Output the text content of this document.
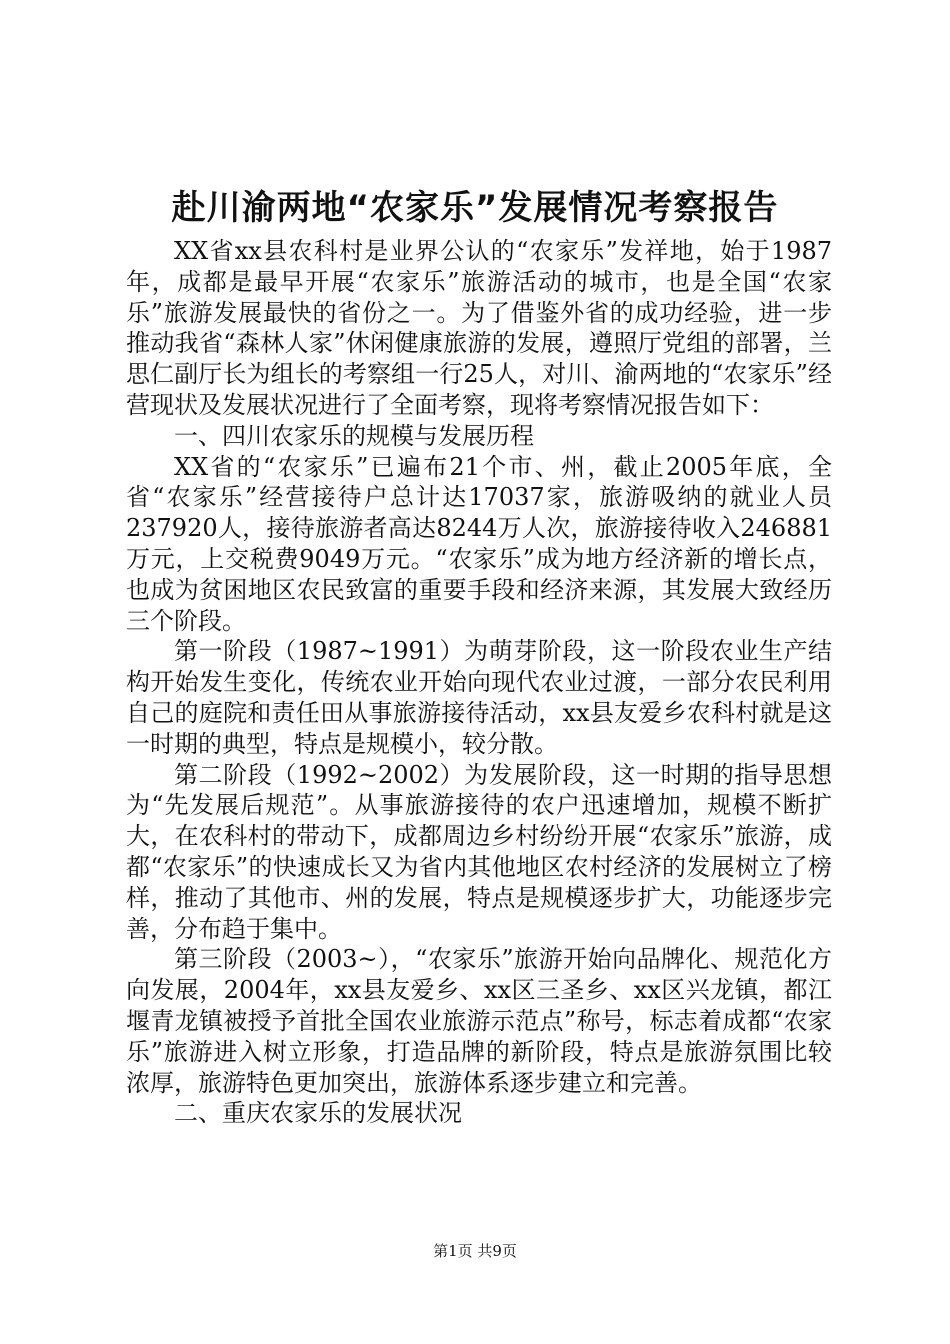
赴川渝两地“农家乐”发展情况考察报告

XX省xx县农科村是业界公认的“农家乐”发祥地，始于1987年，成都是最早开展“农家乐”旅游活动的城市，也是全国“农家乐”旅游发展最快的省份之一。为了借鉴外省的成功经验，进一步推动我省“森林人家”休闲健康旅游的发展，遵照厅党组的部署，兰思仁副厅长为组长的考察组一行25人，对川、渝两地的“农家乐”经营现状及发展状况进行了全面考察，现将考察情况报告如下：

一、四川农家乐的规模与发展历程

XX省的“农家乐”已遍布21个市、州，截止2005年底，全省“农家乐”经营接待户总计达17037家，旅游吸纳的就业人员237920人，接待旅游者高达8244万人次，旅游接待收入246881万元，上交税费9049万元。“农家乐”成为地方经济新的增长点，也成为贫困地区农民致富的重要手段和经济来源，其发展大致经历三个阶段。

第一阶段（1987~1991）为萌芽阶段，这一阶段农业生产结构开始发生变化，传统农业开始向现代农业过渡，一部分农民利用自己的庭院和责任田从事旅游接待活动，xx县友爱乡农科村就是这一时期的典型，特点是规模小，较分散。

第二阶段（1992~2002）为发展阶段，这一时期的指导思想为“先发展后规范”。从事旅游接待的农户迅速增加，规模不断扩大，在农科村的带动下，成都周边乡村纷纷开展“农家乐”旅游，成都“农家乐”的快速成长又为省内其他地区农村经济的发展树立了榜样，推动了其他市、州的发展，特点是规模逐步扩大，功能逐步完善，分布趋于集中。

第三阶段（2003~），“农家乐”旅游开始向品牌化、规范化方向发展，2004年，xx县友爱乡、xx区三圣乡、xx区兴龙镇，都江堰青龙镇被授予首批全国农业旅游示范点”称号，标志着成都“农家乐”旅游进入树立形象，打造品牌的新阶段，特点是旅游氛围比较浓厚，旅游特色更加突出，旅游体系逐步建立和完善。

二、重庆农家乐的发展状况

第1页 共9页
